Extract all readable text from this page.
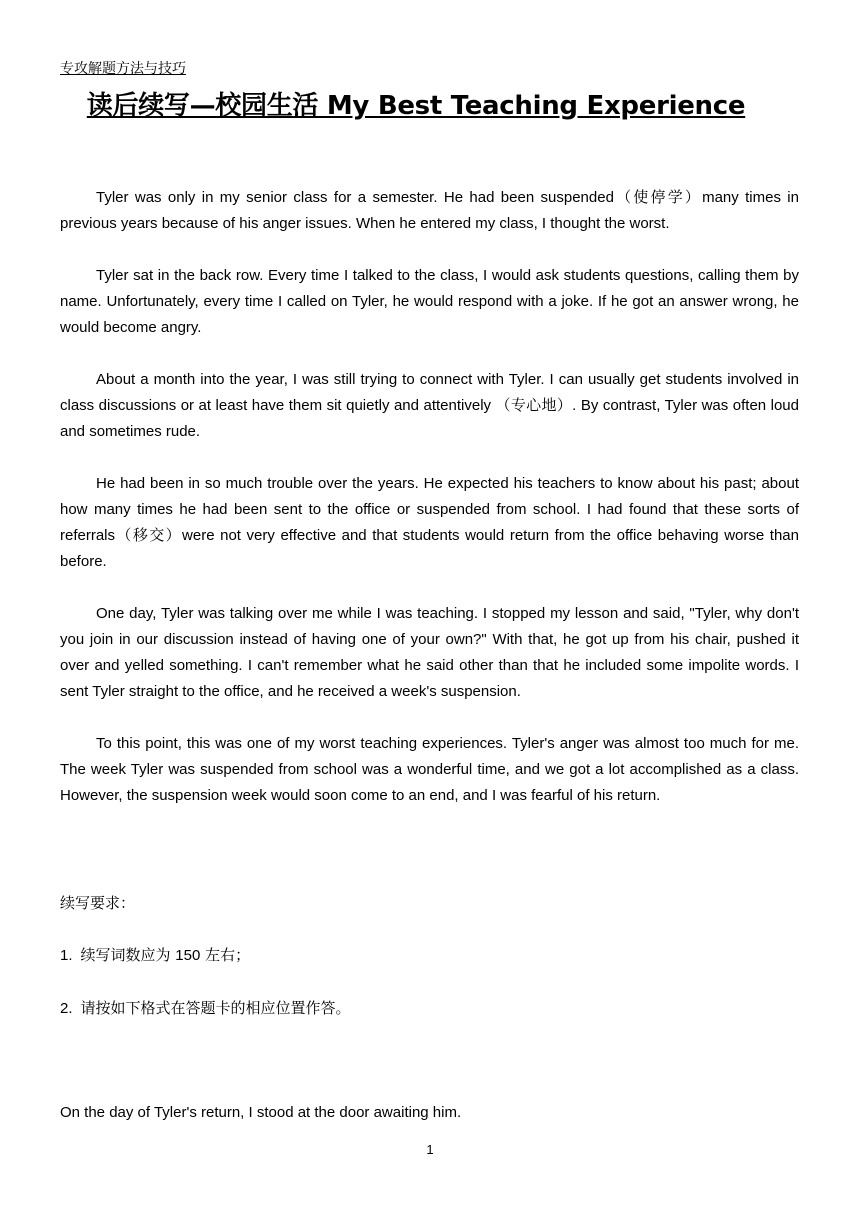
专攻解题方法与技巧
读后续写—校园生活 My Best Teaching Experience

Tyler was only in my senior class for a semester. He had been suspended（使停学）many times in previous years because of his anger issues. When he entered my class, I thought the worst.

Tyler sat in the back row. Every time I talked to the class, I would ask students questions, calling them by name. Unfortunately, every time I called on Tyler, he would respond with a joke. If he got an answer wrong, he would become angry.

About a month into the year, I was still trying to connect with Tyler. I can usually get students involved in class discussions or at least have them sit quietly and attentively （专心地）. By contrast, Tyler was often loud and sometimes rude.

He had been in so much trouble over the years. He expected his teachers to know about his past; about how many times he had been sent to the office or suspended from school. I had found that these sorts of referrals（移交）were not very effective and that students would return from the office behaving worse than before.

One day, Tyler was talking over me while I was teaching. I stopped my lesson and said, "Tyler, why don't you join in our discussion instead of having one of your own?" With that, he got up from his chair, pushed it over and yelled something. I can't remember what he said other than that he included some impolite words. I sent Tyler straight to the office, and he received a week's suspension.

To this point, this was one of my worst teaching experiences. Tyler's anger was almost too much for me. The week Tyler was suspended from school was a wonderful time, and we got a lot accomplished as a class. However, the suspension week would soon come to an end, and I was fearful of his return.

续写要求：

1. 续写词数应为 150 左右；

2. 请按如下格式在答题卡的相应位置作答。

On the day of Tyler's return, I stood at the door awaiting him.
1
